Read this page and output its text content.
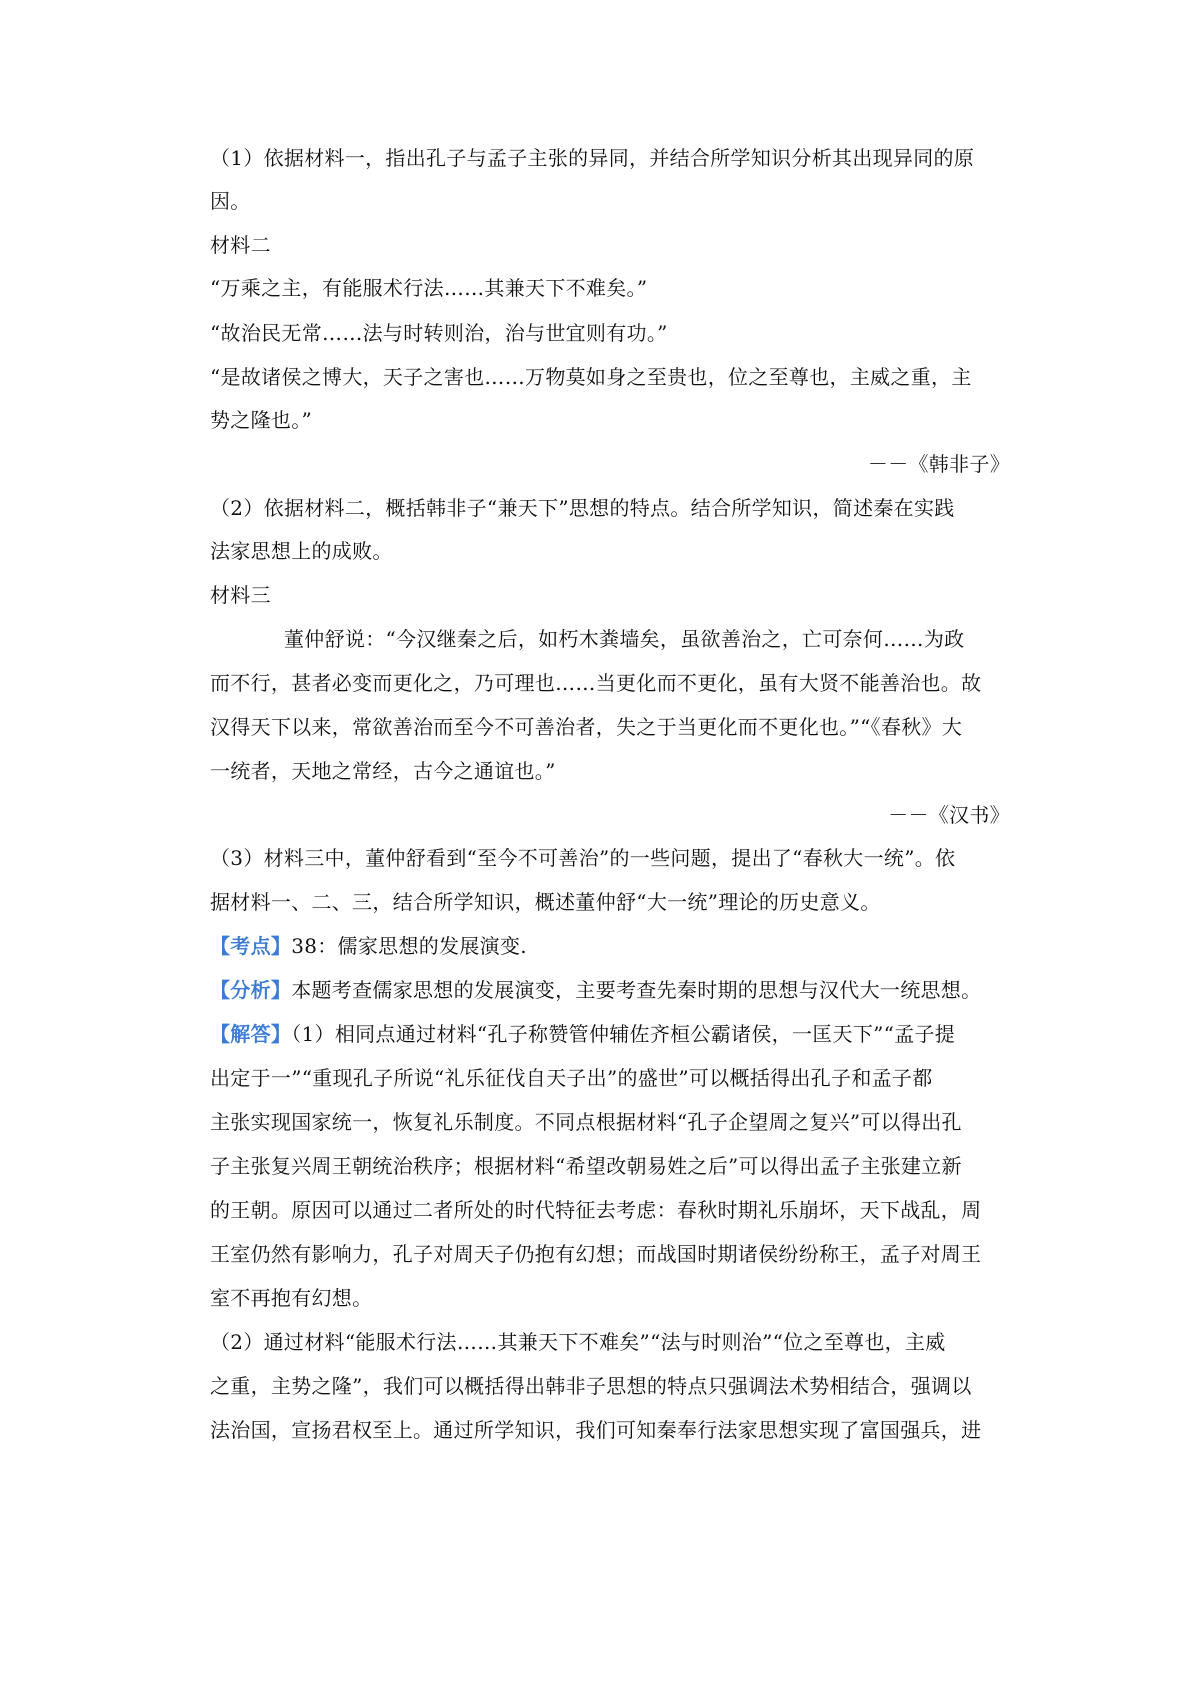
（1）依据材料一，指出孔子与孟子主张的异同，并结合所学知识分析其出现异同的原
因。
材料二
“万乘之主，有能服术行法……其兼天下不难矣。”
“故治民无常……法与时转则治，治与世宜则有功。”
“是故诸侯之博大，天子之害也……万物莫如身之至贵也，位之至尊也，主威之重，主
势之隆也。”
－－《韩非子》
（2）依据材料二，概括韩非子“兼天下”思想的特点。结合所学知识，简述秦在实践
法家思想上的成败。
材料三
董仲舒说：“今汉继秦之后，如朽木粪墙矣，虽欲善治之，亡可奈何……为政
而不行，甚者必变而更化之，乃可理也……当更化而不更化，虽有大贤不能善治也。故
汉得天下以来，常欲善治而至今不可善治者，失之于当更化而不更化也。”“《春秋》大
一统者，天地之常经，古今之通谊也。”
－－《汉书》
（3）材料三中，董仲舒看到“至今不可善治”的一些问题，提出了“春秋大一统”。依
据材料一、二、三，结合所学知识，概述董仲舒“大一统”理论的历史意义。
【考点】38：儒家思想的发展演变.
【分析】本题考查儒家思想的发展演变，主要考查先秦时期的思想与汉代大一统思想。
【解答】（1）相同点通过材料“孔子称赞管仲辅佐齐桓公霸诸侯，一匡天下”“孟子提
出定于一”“重现孔子所说“礼乐征伐自天子出”的盛世”可以概括得出孔子和孟子都
主张实现国家统一，恢复礼乐制度。不同点根据材料“孔子企望周之复兴”可以得出孔
子主张复兴周王朝统治秩序；根据材料“希望改朝易姓之后”可以得出孟子主张建立新
的王朝。原因可以通过二者所处的时代特征去考虑：春秋时期礼乐崩坏，天下战乱，周
王室仍然有影响力，孔子对周天子仍抱有幻想；而战国时期诸侯纷纷称王，孟子对周王
室不再抱有幻想。
（2）通过材料“能服术行法……其兼天下不难矣”“法与时则治”“位之至尊也，主威
之重，主势之隆”，我们可以概括得出韩非子思想的特点只强调法术势相结合，强调以
法治国，宣扬君权至上。通过所学知识，我们可知秦奉行法家思想实现了富国强兵，进
